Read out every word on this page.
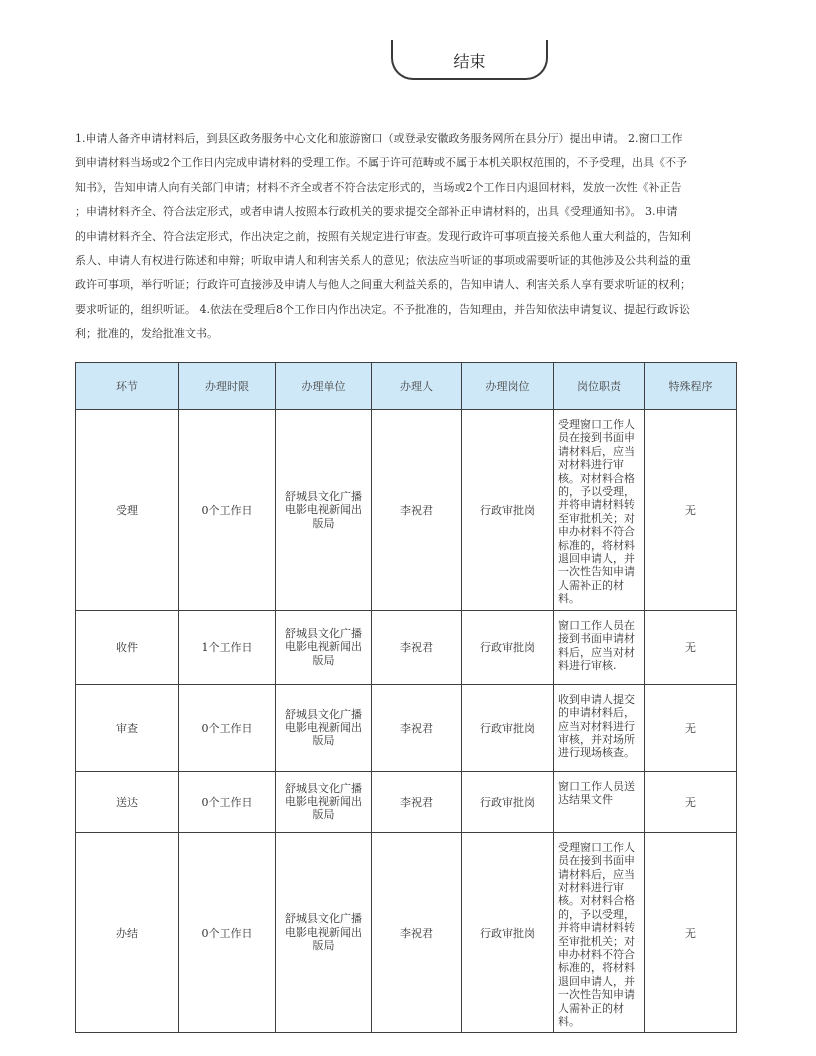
结束
1.申请人备齐申请材料后，到县区政务服务中心文化和旅游窗口（或登录安徽政务服务网所在县分厅）提出申请。 2.窗口工作
到申请材料当场或2个工作日内完成申请材料的受理工作。不属于许可范畴或不属于本机关职权范围的，不予受理，出具《不予
知书》，告知申请人向有关部门申请；材料不齐全或者不符合法定形式的，当场或2个工作日内退回材料，发放一次性《补正告
；申请材料齐全、符合法定形式，或者申请人按照本行政机关的要求提交全部补正申请材料的，出具《受理通知书》。 3.申请
的申请材料齐全、符合法定形式，作出决定之前，按照有关规定进行审查。发现行政许可事项直接关系他人重大利益的，告知利
系人、申请人有权进行陈述和申辩；听取申请人和利害关系人的意见；依法应当听证的事项或需要听证的其他涉及公共利益的重
政许可事项，举行听证；行政许可直接涉及申请人与他人之间重大利益关系的，告知申请人、利害关系人享有要求听证的权利；
要求听证的，组织听证。 4.依法在受理后8个工作日内作出决定。不予批准的，告知理由，并告知依法申请复议、提起行政诉讼
利；批准的，发给批准文书。
环节	办理时限	办理单位	办理人	办理岗位	岗位职责	特殊程序
受理	0个工作日	舒城县文化广播电影电视新闻出版局	李祝君	行政审批岗	受理窗口工作人员在接到书面申请材料后，应当对材料进行审核。对材料合格的，予以受理，并将申请材料转至审批机关；对申办材料不符合标准的，将材料退回申请人，并一次性告知申请人需补正的材料。	无
收件	1个工作日	舒城县文化广播电影电视新闻出版局	李祝君	行政审批岗	窗口工作人员在接到书面申请材料后，应当对材料进行审核.	无
审查	0个工作日	舒城县文化广播电影电视新闻出版局	李祝君	行政审批岗	收到申请人提交的申请材料后，应当对材料进行审核，并对场所进行现场核查。	无
送达	0个工作日	舒城县文化广播电影电视新闻出版局	李祝君	行政审批岗	窗口工作人员送达结果文件	无
办结	0个工作日	舒城县文化广播电影电视新闻出版局	李祝君	行政审批岗	受理窗口工作人员在接到书面申请材料后，应当对材料进行审核。对材料合格的，予以受理，并将申请材料转至审批机关；对申办材料不符合标准的，将材料退回申请人，并一次性告知申请人需补正的材料。	无
